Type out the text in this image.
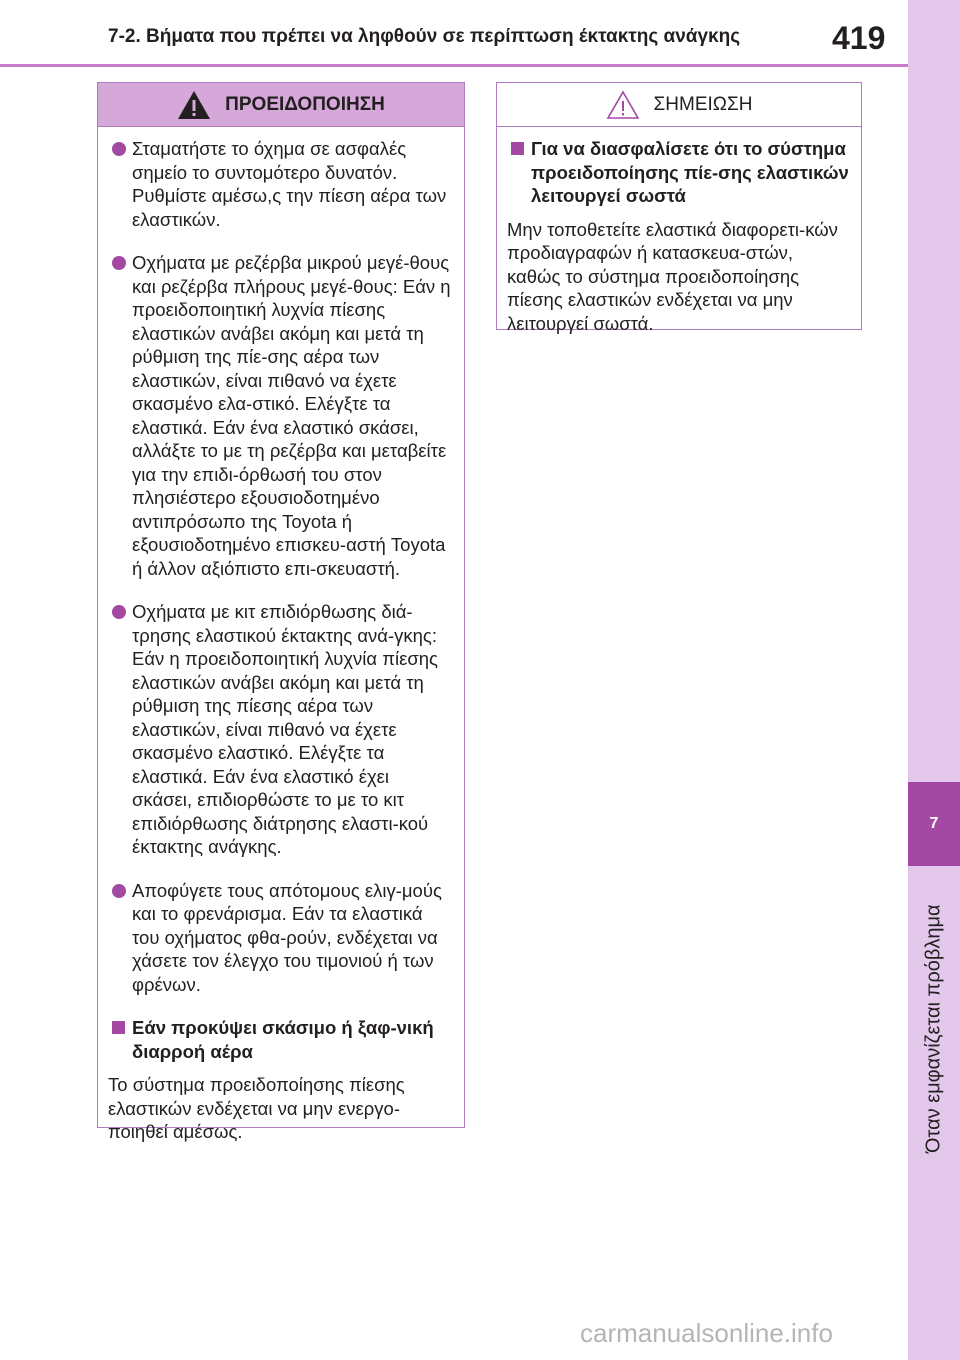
7-2. Βήματα που πρέπει να ληφθούν σε περίπτωση έκτακτης ανάγκης	419
7
Όταν εμφανίζεται πρόβλημα
ΠΡΟΕΙΔΟΠΟΙΗΣΗ
Σταματήστε το όχημα σε ασφαλές σημείο το συντομότερο δυνατόν. Ρυθμίστε αμέσω,ς την πίεση αέρα των ελαστικών.
Οχήματα με ρεζέρβα μικρού μεγέ-θους και ρεζέρβα πλήρους μεγέ-θους: Εάν η προειδοποιητική λυχνία πίεσης ελαστικών ανάβει ακόμη και μετά τη ρύθμιση της πίε-σης αέρα των ελαστικών, είναι πιθανό να έχετε σκασμένο ελα-στικό. Ελέγξτε τα ελαστικά. Εάν ένα ελαστικό σκάσει, αλλάξτε το με τη ρεζέρβα και μεταβείτε για την επιδι-όρθωσή του στον πλησιέστερο εξουσιοδοτημένο αντιπρόσωπο της Toyota ή εξουσιοδοτημένο επισκευ-αστή Toyota ή άλλον αξιόπιστο επι-σκευαστή.
Οχήματα με κιτ επιδιόρθωσης διά-τρησης ελαστικού έκτακτης ανά-γκης: Εάν η προειδοποιητική λυχνία πίεσης ελαστικών ανάβει ακόμη και μετά τη ρύθμιση της πίεσης αέρα των ελαστικών, είναι πιθανό να έχετε σκασμένο ελαστικό. Ελέγξτε τα ελαστικά. Εάν ένα ελαστικό έχει σκάσει, επιδιορθώστε το με το κιτ επιδιόρθωσης διάτρησης ελαστι-κού έκτακτης ανάγκης.
Αποφύγετε τους απότομους ελιγ-μούς και το φρενάρισμα. Εάν τα ελαστικά του οχήματος φθα-ρούν, ενδέχεται να χάσετε τον έλεγχο του τιμονιού ή των φρένων.
Εάν προκύψει σκάσιμο ή ξαφ-νική διαρροή αέρα
Το σύστημα προειδοποίησης πίεσης ελαστικών ενδέχεται να μην ενεργο-ποιηθεί αμέσως.
ΣΗΜΕΙΩΣΗ
Για να διασφαλίσετε ότι το σύστημα προειδοποίησης πίε-σης ελαστικών λειτουργεί σωστά
Μην τοποθετείτε ελαστικά διαφορετι-κών προδιαγραφών ή κατασκευα-στών, καθώς το σύστημα προειδοποίησης πίεσης ελαστικών ενδέχεται να μην λειτουργεί σωστά.
carmanualsonline.info
